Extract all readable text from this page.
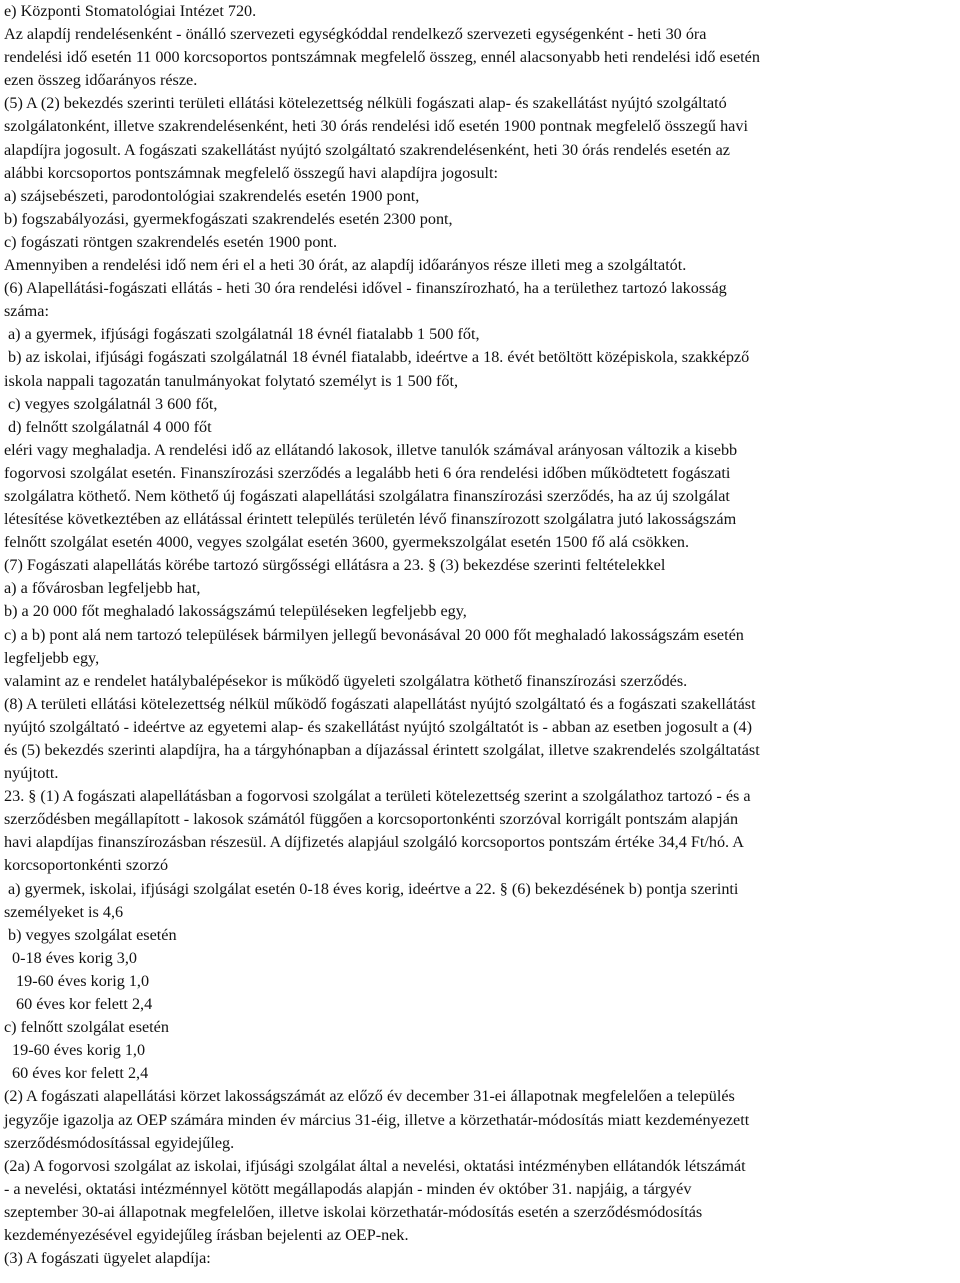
e) Központi Stomatológiai Intézet 720.
Az alapdíj rendelésenként - önálló szervezeti egységkóddal rendelkező szervezeti egységenként - heti 30 óra
rendelési idő esetén 11 000 korcsoportos pontszámnak megfelelő összeg, ennél alacsonyabb heti rendelési idő esetén
ezen összeg időarányos része.
(5) A (2) bekezdés szerinti területi ellátási kötelezettség nélküli fogászati alap- és szakellátást nyújtó szolgáltató
szolgálatonként, illetve szakrendelésenként, heti 30 órás rendelési idő esetén 1900 pontnak megfelelő összegű havi
alapdíjra jogosult. A fogászati szakellátást nyújtó szolgáltató szakrendelésenként, heti 30 órás rendelés esetén az
alábbi korcsoportos pontszámnak megfelelő összegű havi alapdíjra jogosult:
a) szájsebészeti, parodontológiai szakrendelés esetén 1900 pont,
b) fogszabályozási, gyermekfogászati szakrendelés esetén 2300 pont,
c) fogászati röntgen szakrendelés esetén 1900 pont.
Amennyiben a rendelési idő nem éri el a heti 30 órát, az alapdíj időarányos része illeti meg a szolgáltatót.
(6) Alapellátási-fogászati ellátás - heti 30 óra rendelési idővel - finanszírozható, ha a területhez tartozó lakosság
száma:
a) a gyermek, ifjúsági fogászati szolgálatnál 18 évnél fiatalabb 1 500 főt,
b) az iskolai, ifjúsági fogászati szolgálatnál 18 évnél fiatalabb, ideértve a 18. évét betöltött középiskola, szakképző
iskola nappali tagozatán tanulmányokat folytató személyt is 1 500 főt,
c) vegyes szolgálatnál 3 600 főt,
d) felnőtt szolgálatnál 4 000 főt
eléri vagy meghaladja. A rendelési idő az ellátandó lakosok, illetve tanulók számával arányosan változik a kisebb
fogorvosi szolgálat esetén. Finanszírozási szerződés a legalább heti 6 óra rendelési időben működtetett fogászati
szolgálatra köthető. Nem köthető új fogászati alapellátási szolgálatra finanszírozási szerződés, ha az új szolgálat
létesítése következtében az ellátással érintett település területén lévő finanszírozott szolgálatra jutó lakosságszám
felnőtt szolgálat esetén 4000, vegyes szolgálat esetén 3600, gyermekszolgálat esetén 1500 fő alá csökken.
(7) Fogászati alapellátás körébe tartozó sürgősségi ellátásra a 23. § (3) bekezdése szerinti feltételekkel
a) a fővárosban legfeljebb hat,
b) a 20 000 főt meghaladó lakosságszámú településeken legfeljebb egy,
c) a b) pont alá nem tartozó települések bármilyen jellegű bevonásával 20 000 főt meghaladó lakosságszám esetén
legfeljebb egy,
valamint az e rendelet hatálybalépésekor is működő ügyeleti szolgálatra köthető finanszírozási szerződés.
(8) A területi ellátási kötelezettség nélkül működő fogászati alapellátást nyújtó szolgáltató és a fogászati szakellátást
nyújtó szolgáltató - ideértve az egyetemi alap- és szakellátást nyújtó szolgáltatót is - abban az esetben jogosult a (4)
és (5) bekezdés szerinti alapdíjra, ha a tárgyhónapban a díjazással érintett szolgálat, illetve szakrendelés szolgáltatást
nyújtott.
23. § (1) A fogászati alapellátásban a fogorvosi szolgálat a területi kötelezettség szerint a szolgálathoz tartozó - és a
szerződésben megállapított - lakosok számától függően a korcsoportonkénti szorzóval korrigált pontszám alapján
havi alapdíjas finanszírozásban részesül. A díjfizetés alapjául szolgáló korcsoportos pontszám értéke 34,4 Ft/hó. A
korcsoportonkénti szorzó
a) gyermek, iskolai, ifjúsági szolgálat esetén 0-18 éves korig, ideértve a 22. § (6) bekezdésének b) pontja szerinti
személyeket is 4,6
b) vegyes szolgálat esetén
0-18 éves korig 3,0
19-60 éves korig 1,0
60 éves kor felett 2,4
c) felnőtt szolgálat esetén
19-60 éves korig 1,0
60 éves kor felett 2,4
(2) A fogászati alapellátási körzet lakosságszámát az előző év december 31-ei állapotnak megfelelően a település
jegyzője igazolja az OEP számára minden év március 31-éig, illetve a körzethatár-módosítás miatt kezdeményezett
szerződésmódosítással egyidejűleg.
(2a) A fogorvosi szolgálat az iskolai, ifjúsági szolgálat által a nevelési, oktatási intézményben ellátandók létszámát
- a nevelési, oktatási intézménnyel kötött megállapodás alapján - minden év október 31. napjáig, a tárgyév
szeptember 30-ai állapotnak megfelelően, illetve iskolai körzethatár-módosítás esetén a szerződésmódosítás
kezdeményezésével egyidejűleg írásban bejelenti az OEP-nek.
(3) A fogászati ügyelet alapdíja:
